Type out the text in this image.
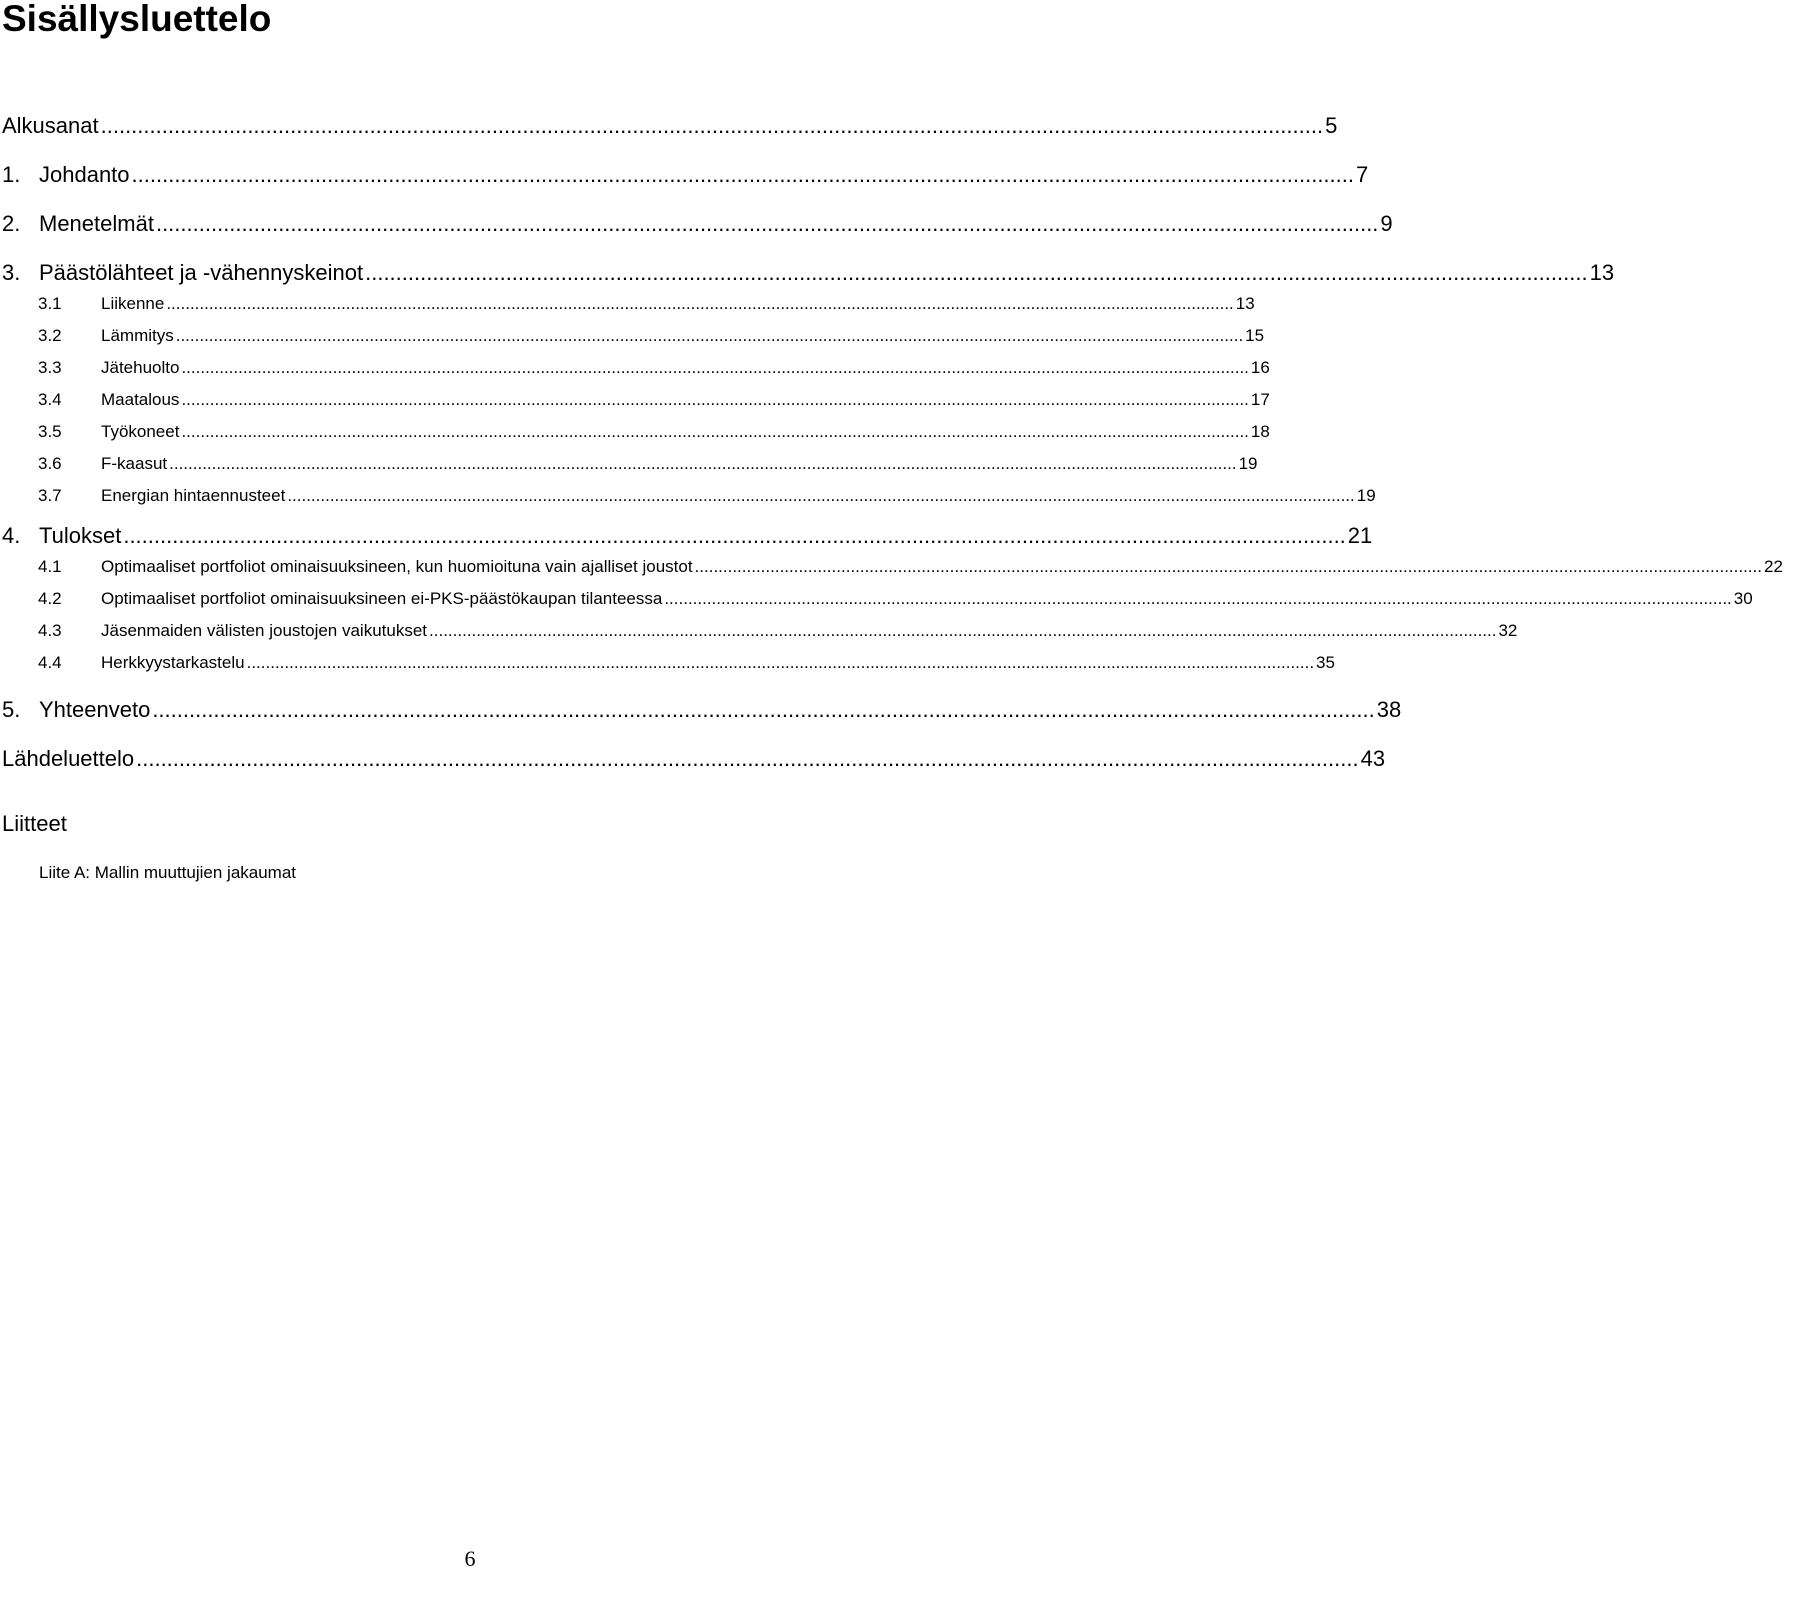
Sisällysluettelo
Alkusanat ........................................................................................................................................................................................................ 5
1. Johdanto ........................................................................................................................................................................................................ 7
2. Menetelmät ........................................................................................................................................................................................................ 9
3. Päästölähteet ja -vähennyskeinot ........................................................................................................................................................................................................ 13
3.1	Liikenne .................................................................................................................................................................................................................................. 13
3.2	Lämmitys .................................................................................................................................................................................................................................. 15
3.3	Jätehuolto .................................................................................................................................................................................................................................. 16
3.4	Maatalous .................................................................................................................................................................................................................................. 17
3.5	Työkoneet .................................................................................................................................................................................................................................. 18
3.6	F-kaasut .................................................................................................................................................................................................................................. 19
3.7	Energian hintaennusteet .................................................................................................................................................................................................................................. 19
4. Tulokset ........................................................................................................................................................................................................ 21
4.1	Optimaaliset portfoliot ominaisuuksineen, kun huomioituna vain ajalliset joustot .................................................................................................................................................................................................................................. 22
4.2	Optimaaliset portfoliot ominaisuuksineen ei-PKS-päästökaupan tilanteessa .................................................................................................................................................................................................................................. 30
4.3	Jäsenmaiden välisten joustojen vaikutukset .................................................................................................................................................................................................................................. 32
4.4	Herkkyystarkastelu .................................................................................................................................................................................................................................. 35
5. Yhteenveto ........................................................................................................................................................................................................ 38
Lähdeluettelo ........................................................................................................................................................................................................ 43
Liitteet
Liite A: Mallin muuttujien jakaumat
6
